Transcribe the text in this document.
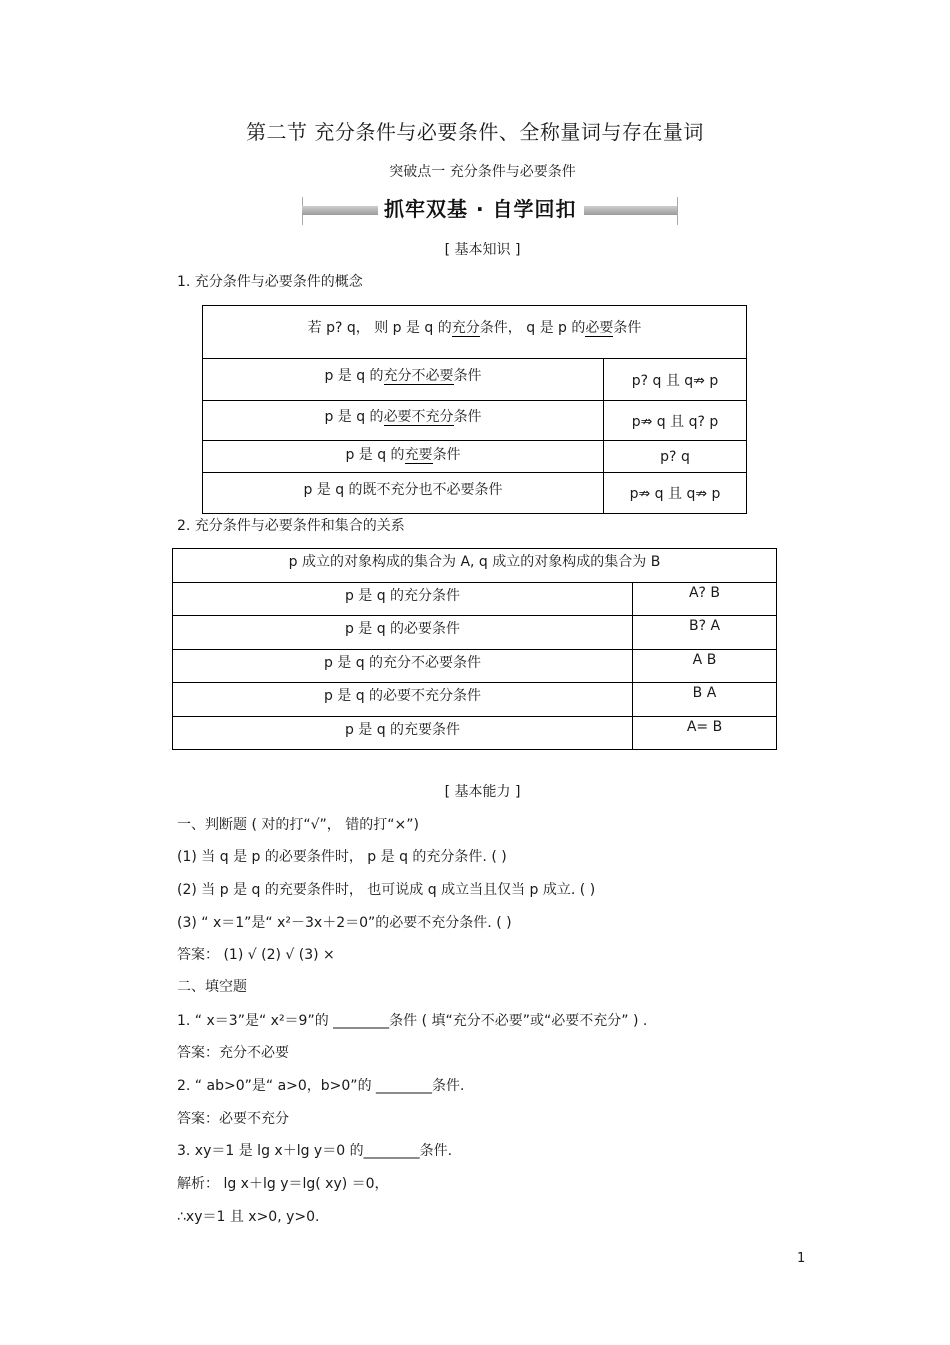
第二节 充分条件与必要条件、全称量词与存在量词
突破点一 充分条件与必要条件
抓牢双基 · 自学回扣
[ 基本知识 ]
1. 充分条件与必要条件的概念
若 p? q， 则 p 是 q 的充分条件， q 是 p 的必要条件	
p 是 q 的充分不必要条件	p? q 且 q⇏ p
p 是 q 的必要不充分条件	p⇏ q 且 q? p
p 是 q 的充要条件	p? q
p 是 q 的既不充分也不必要条件	p⇏ q 且 q⇏ p
2. 充分条件与必要条件和集合的关系
p 成立的对象构成的集合为 A, q 成立的对象构成的集合为 B	
p 是 q 的充分条件	A? B
p 是 q 的必要条件	B? A
p 是 q 的充分不必要条件	A B
p 是 q 的必要不充分条件	B A
p 是 q 的充要条件	A= B
[ 基本能力 ]
一、判断题 ( 对的打“√”， 错的打“×”)
(1) 当 q 是 p 的必要条件时， p 是 q 的充分条件. ( )
(2) 当 p 是 q 的充要条件时， 也可说成 q 成立当且仅当 p 成立. ( )
(3) “ x＝1”是“ x²－3x＋2＝0”的必要不充分条件. ( )
答案： (1) √ (2) √ (3) ×
二、填空题
1. “ x＝3”是“ x²＝9”的 ________条件 ( 填“充分不必要”或“必要不充分” ) .
答案：充分不必要
2. “ ab>0”是“ a>0，b>0”的 ________条件.
答案：必要不充分
3. xy＝1 是 lg x＋lg y＝0 的________条件.
解析： lg x＋lg y＝lg( xy) ＝0，
∴xy＝1 且 x>0, y>0.
1
